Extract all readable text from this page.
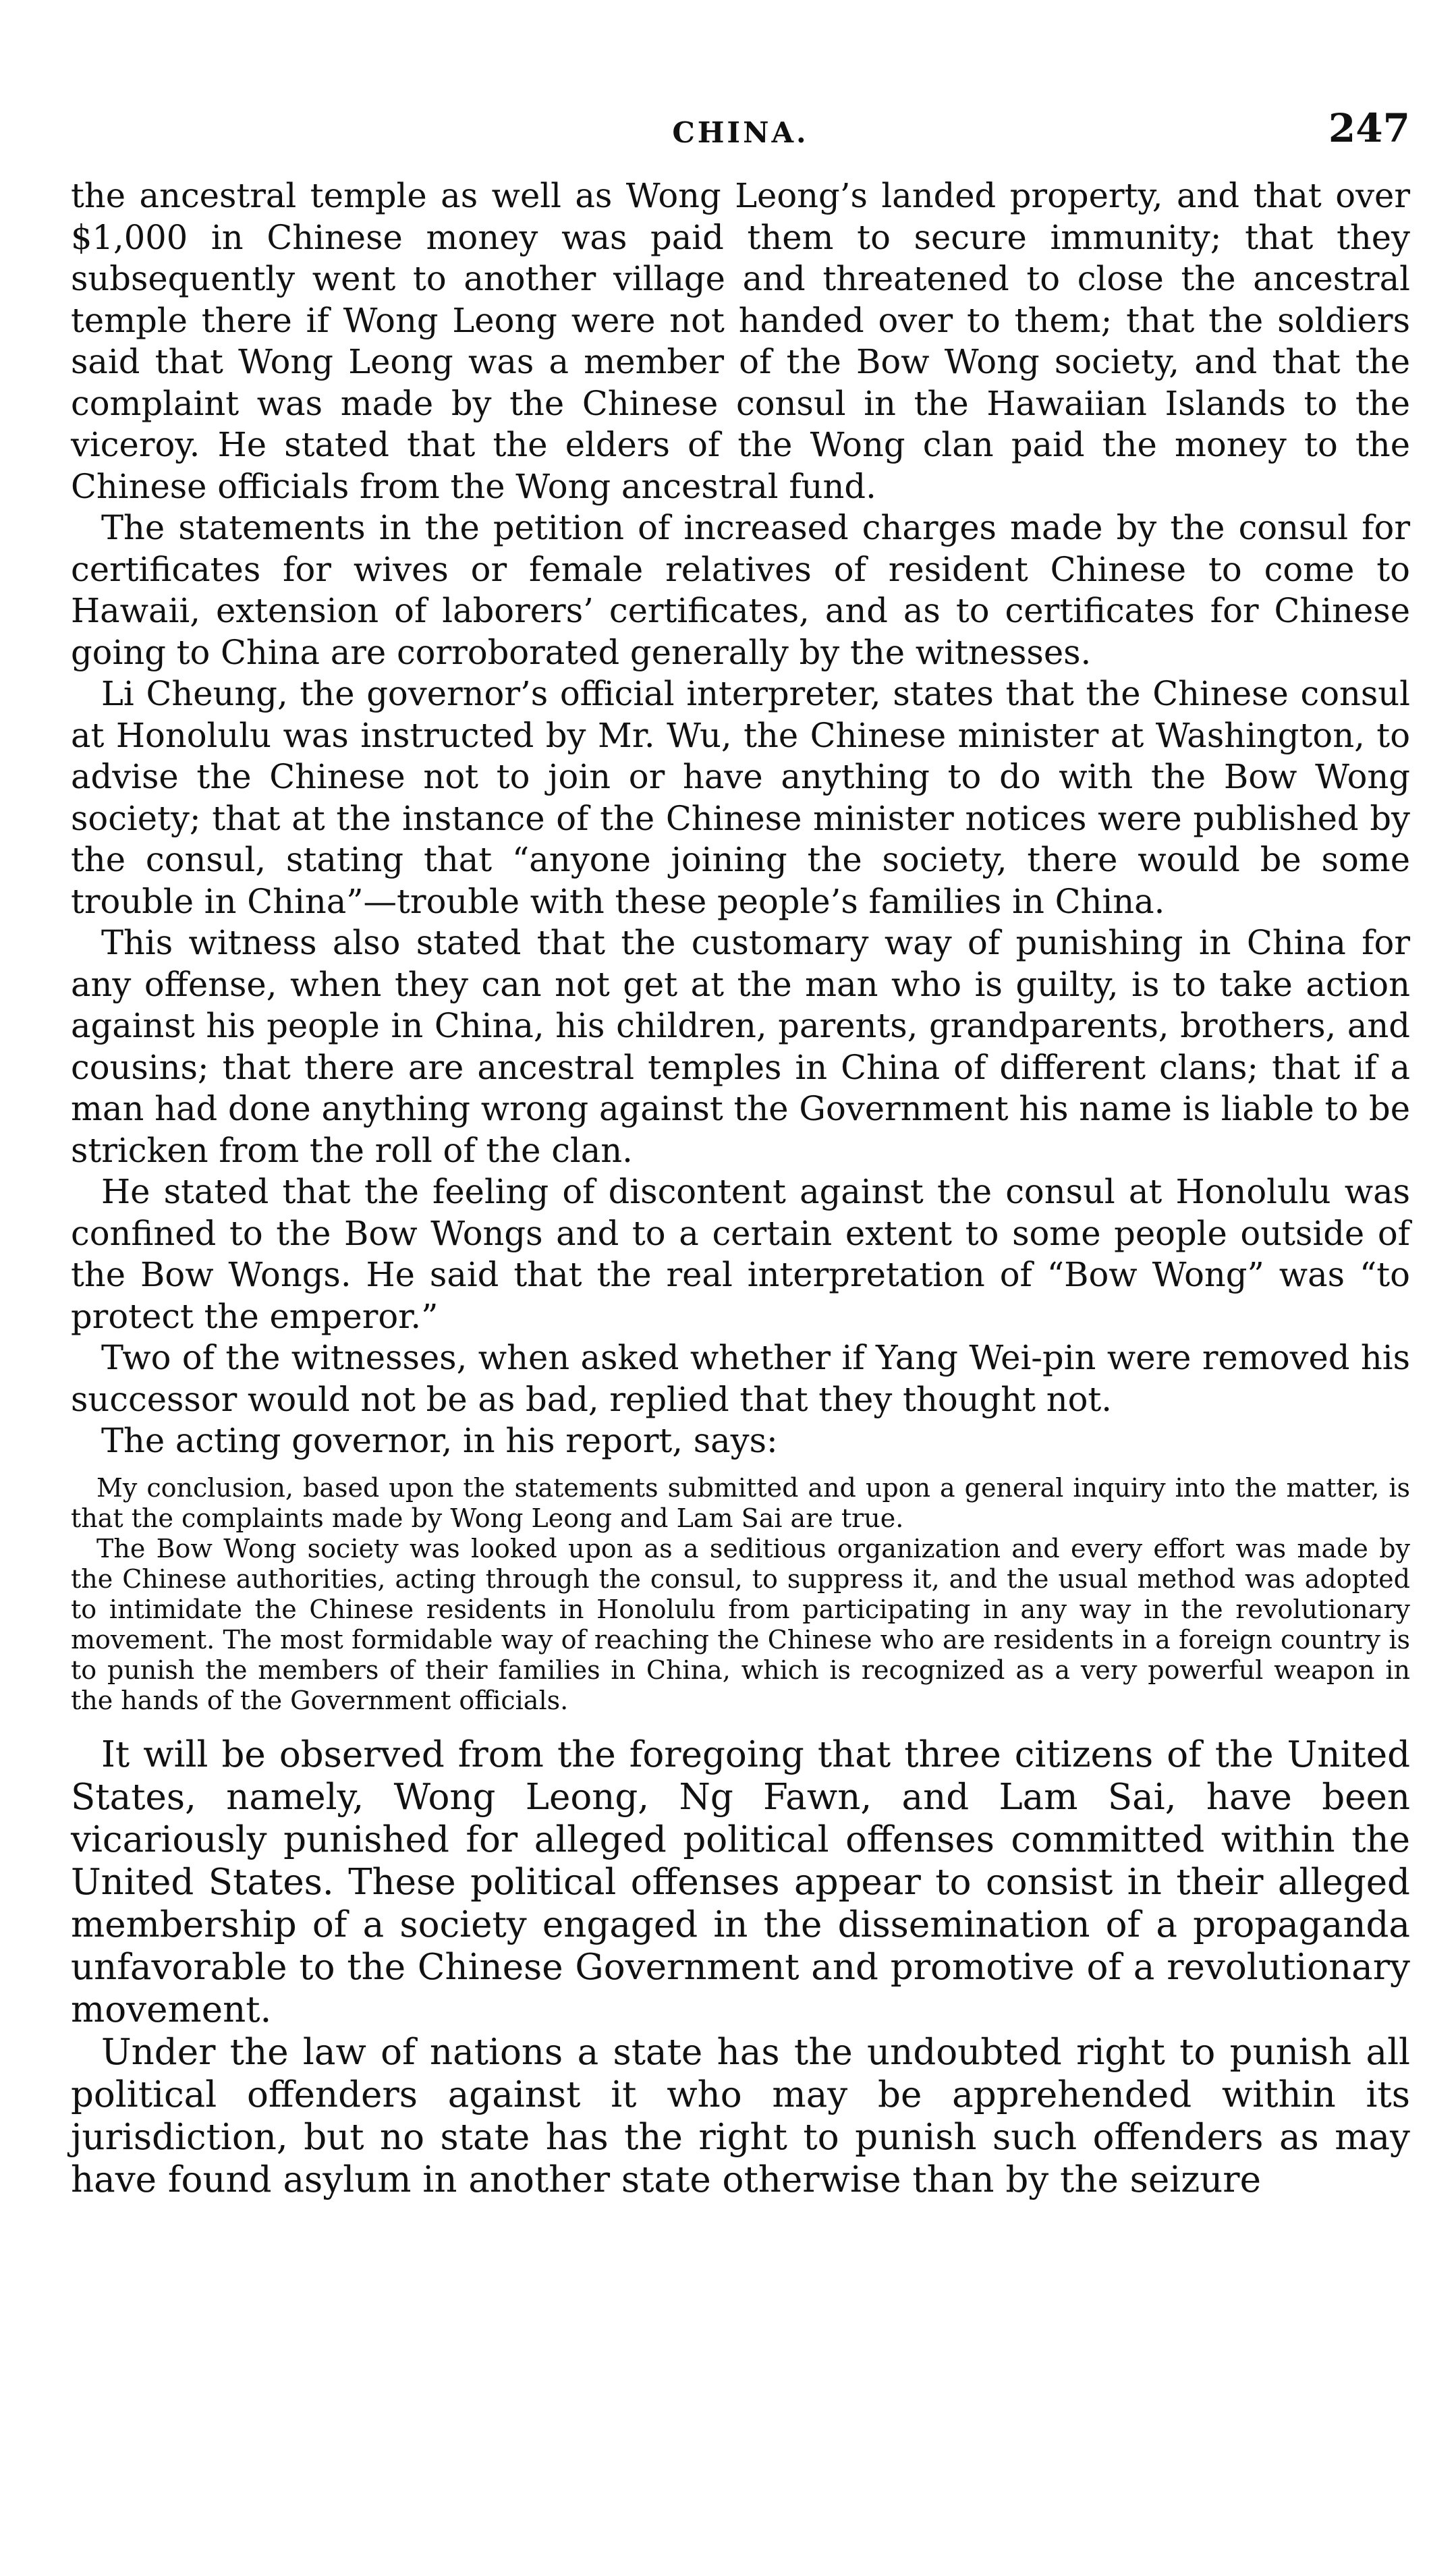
CHINA.	247

the ancestral temple as well as Wong Leong’s landed property, and that over $1,000 in Chinese money was paid them to secure immunity; that they subsequently went to another village and threatened to close the ancestral temple there if Wong Leong were not handed over to them; that the soldiers said that Wong Leong was a member of the Bow Wong society, and that the complaint was made by the Chinese consul in the Hawaiian Islands to the viceroy. He stated that the elders of the Wong clan paid the money to the Chinese officials from the Wong ancestral fund.

The statements in the petition of increased charges made by the consul for certificates for wives or female relatives of resident Chinese to come to Hawaii, extension of laborers’ certificates, and as to certificates for Chinese going to China are corroborated generally by the witnesses.

Li Cheung, the governor’s official interpreter, states that the Chinese consul at Honolulu was instructed by Mr. Wu, the Chinese minister at Washington, to advise the Chinese not to join or have anything to do with the Bow Wong society; that at the instance of the Chinese minister notices were published by the consul, stating that “anyone joining the society, there would be some trouble in China”—trouble with these people’s families in China.

This witness also stated that the customary way of punishing in China for any offense, when they can not get at the man who is guilty, is to take action against his people in China, his children, parents, grandparents, brothers, and cousins; that there are ancestral temples in China of different clans; that if a man had done anything wrong against the Government his name is liable to be stricken from the roll of the clan.

He stated that the feeling of discontent against the consul at Honolulu was confined to the Bow Wongs and to a certain extent to some people outside of the Bow Wongs. He said that the real interpretation of “Bow Wong” was “to protect the emperor.”

Two of the witnesses, when asked whether if Yang Wei-pin were removed his successor would not be as bad, replied that they thought not.

The acting governor, in his report, says:

My conclusion, based upon the statements submitted and upon a general inquiry into the matter, is that the complaints made by Wong Leong and Lam Sai are true.

The Bow Wong society was looked upon as a seditious organization and every effort was made by the Chinese authorities, acting through the consul, to suppress it, and the usual method was adopted to intimidate the Chinese residents in Honolulu from participating in any way in the revolutionary movement. The most formidable way of reaching the Chinese who are residents in a foreign country is to punish the members of their families in China, which is recognized as a very powerful weapon in the hands of the Government officials.

It will be observed from the foregoing that three citizens of the United States, namely, Wong Leong, Ng Fawn, and Lam Sai, have been vicariously punished for alleged political offenses committed within the United States. These political offenses appear to consist in their alleged membership of a society engaged in the dissemination of a propaganda unfavorable to the Chinese Government and promotive of a revolutionary movement.

Under the law of nations a state has the undoubted right to punish all political offenders against it who may be apprehended within its jurisdiction, but no state has the right to punish such offenders as may have found asylum in another state otherwise than by the seizure
